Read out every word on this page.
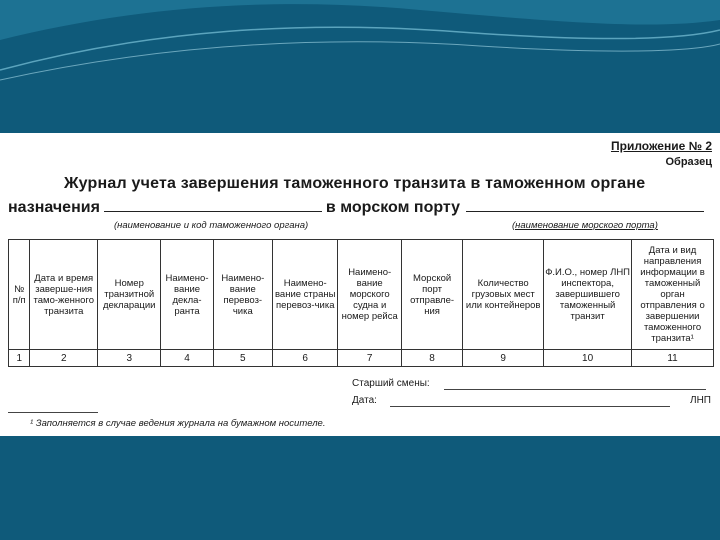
Приложение № 2
Образец
Журнал учета завершения таможенного транзита в таможенном органе
назначения	в морском порту
(наименование и код таможенного органа)	(наименование морского порта)
№ п/п	Дата и время заверше-ния тамо-женного транзита	Номер транзитной декларации	Наимено-вание декла-ранта	Наимено-вание перевоз-чика	Наимено-вание страны перевоз-чика	Наимено-вание морского судна и номер рейса	Морской порт отправле-ния	Количество грузовых мест или контейнеров	Ф.И.О., номер ЛНП инспектора, завершившего таможенный транзит	Дата и вид направления информации в таможенный орган отправления о завершении таможенного транзита¹
1	2	3	4	5	6	7	8	9	10	11
Старший смены:
Дата:	ЛНП
¹ Заполняется в случае ведения журнала на бумажном носителе.
